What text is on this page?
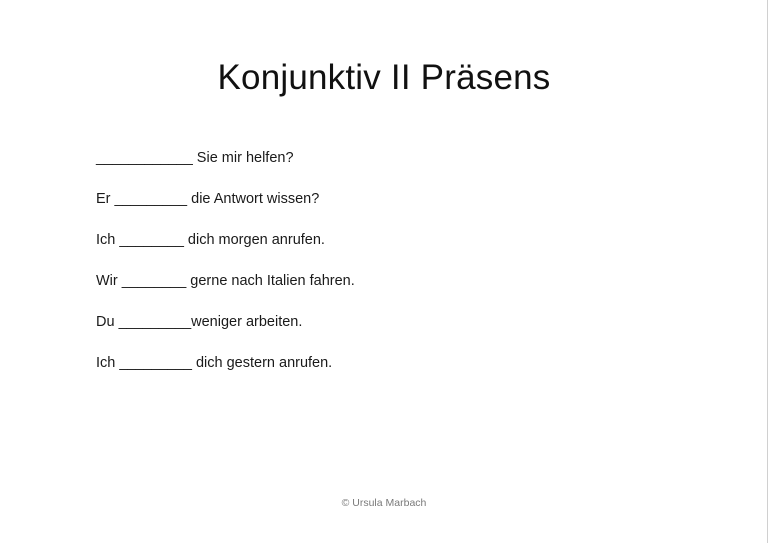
Konjunktiv II Präsens
____________ Sie mir helfen?
Er _________ die Antwort wissen?
Ich ________ dich morgen anrufen.
Wir ________ gerne nach Italien fahren.
Du _________weniger arbeiten.
Ich _________ dich gestern anrufen.
© Ursula Marbach
